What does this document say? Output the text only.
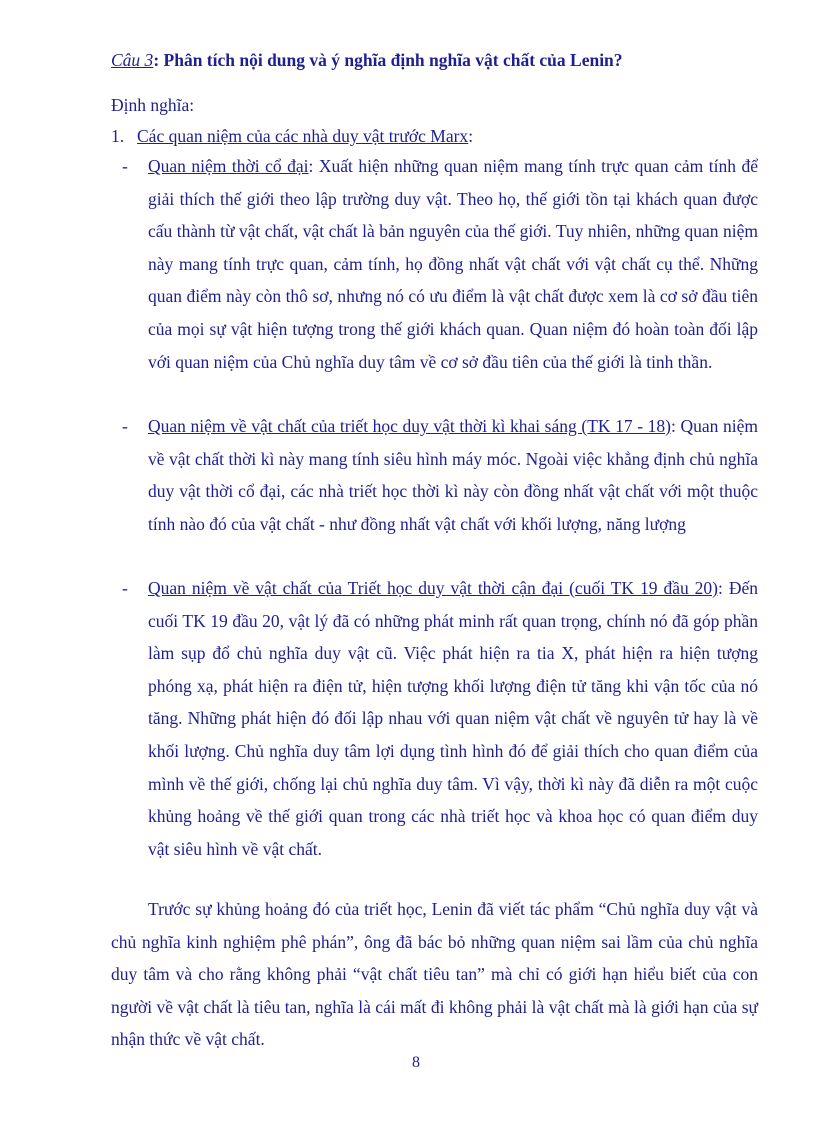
Câu 3: Phân tích nội dung và ý nghĩa định nghĩa vật chất của Lenin?
Định nghĩa:
1. Các quan niệm của các nhà duy vật trước Marx:
-	Quan niệm thời cổ đại: Xuất hiện những quan niệm mang tính trực quan cảm tính để giải thích thế giới theo lập trường duy vật. Theo họ, thế giới tồn tại khách quan được cấu thành từ vật chất, vật chất là bản nguyên của thế giới. Tuy nhiên, những quan niệm này mang tính trực quan, cảm tính, họ đồng nhất vật chất với vật chất cụ thể. Những quan điểm này còn thô sơ, nhưng nó có ưu điểm là vật chất được xem là cơ sở đầu tiên của mọi sự vật hiện tượng trong thế giới khách quan. Quan niệm đó hoàn toàn đối lập với quan niệm của Chủ nghĩa duy tâm về cơ sở đầu tiên của thế giới là tinh thần.
-	Quan niệm về vật chất của triết học duy vật thời kì khai sáng (TK 17 - 18): Quan niệm về vật chất thời kì này mang tính siêu hình máy móc. Ngoài việc khẳng định chủ nghĩa duy vật thời cổ đại, các nhà triết học thời kì này còn đồng nhất vật chất với một thuộc tính nào đó của vật chất - như đồng nhất vật chất với khối lượng, năng lượng
-	Quan niệm về vật chất của Triết học duy vật thời cận đại (cuối TK 19 đầu 20): Đến cuối TK 19 đầu 20, vật lý đã có những phát minh rất quan trọng, chính nó đã góp phần làm sụp đổ chủ nghĩa duy vật cũ. Việc phát hiện ra tia X, phát hiện ra hiện tượng phóng xạ, phát hiện ra điện tử, hiện tượng khối lượng điện tử tăng khi vận tốc của nó tăng. Những phát hiện đó đối lập nhau với quan niệm vật chất về nguyên tử hay là về khối lượng. Chủ nghĩa duy tâm lợi dụng tình hình đó để giải thích cho quan điểm của mình về thế giới, chống lại chủ nghĩa duy tâm. Vì vậy, thời kì này đã diễn ra một cuộc khủng hoảng về thế giới quan trong các nhà triết học và khoa học có quan điểm duy vật siêu hình về vật chất.
Trước sự khủng hoảng đó của triết học, Lenin đã viết tác phẩm “Chủ nghĩa duy vật và chủ nghĩa kinh nghiệm phê phán”, ông đã bác bỏ những quan niệm sai lầm của chủ nghĩa duy tâm và cho rằng không phải “vật chất tiêu tan” mà chỉ có giới hạn hiểu biết của con người về vật chất là tiêu tan, nghĩa là cái mất đi không phải là vật chất mà là giới hạn của sự nhận thức về vật chất.
8
